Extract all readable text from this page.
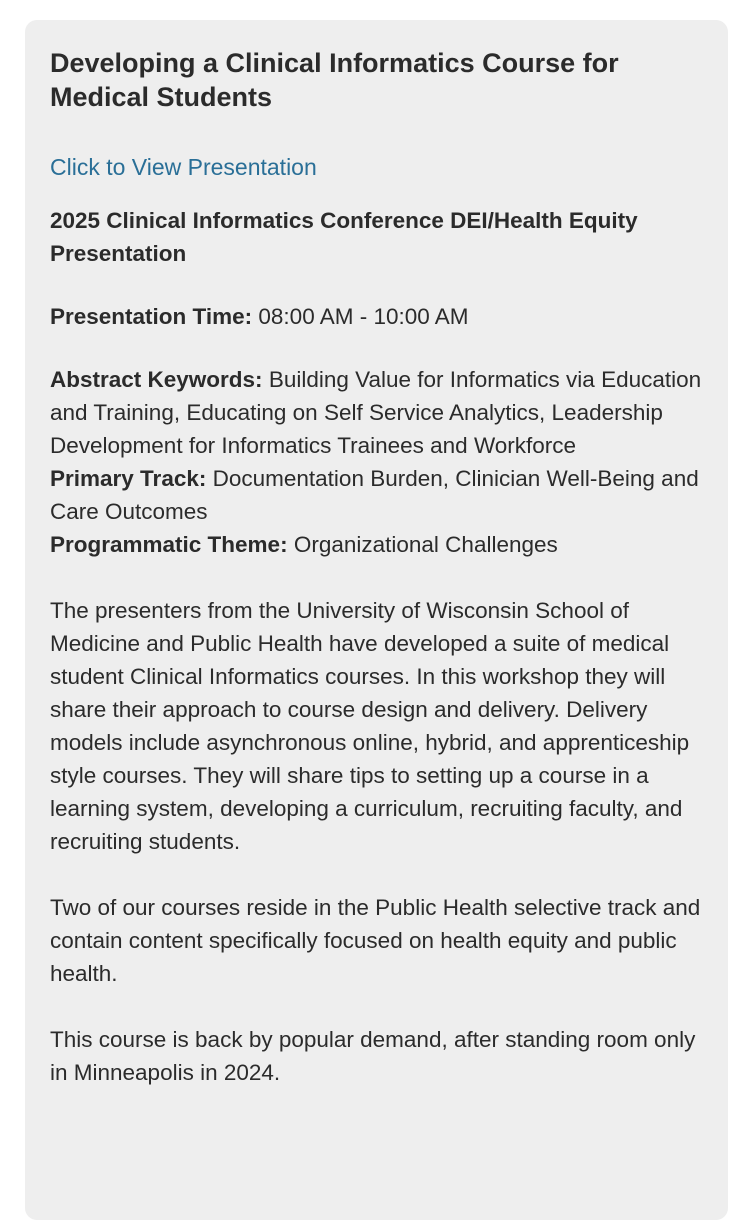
Developing a Clinical Informatics Course for Medical Students
Click to View Presentation
2025 Clinical Informatics Conference DEI/Health Equity Presentation
Presentation Time: 08:00 AM - 10:00 AM
Abstract Keywords: Building Value for Informatics via Education and Training, Educating on Self Service Analytics, Leadership Development for Informatics Trainees and Workforce
Primary Track: Documentation Burden, Clinician Well-Being and Care Outcomes
Programmatic Theme: Organizational Challenges
The presenters from the University of Wisconsin School of Medicine and Public Health have developed a suite of medical student Clinical Informatics courses. In this workshop they will share their approach to course design and delivery. Delivery models include asynchronous online, hybrid, and apprenticeship style courses. They will share tips to setting up a course in a learning system, developing a curriculum, recruiting faculty, and recruiting students.
Two of our courses reside in the Public Health selective track and contain content specifically focused on health equity and public health.
This course is back by popular demand, after standing room only in Minneapolis in 2024.
